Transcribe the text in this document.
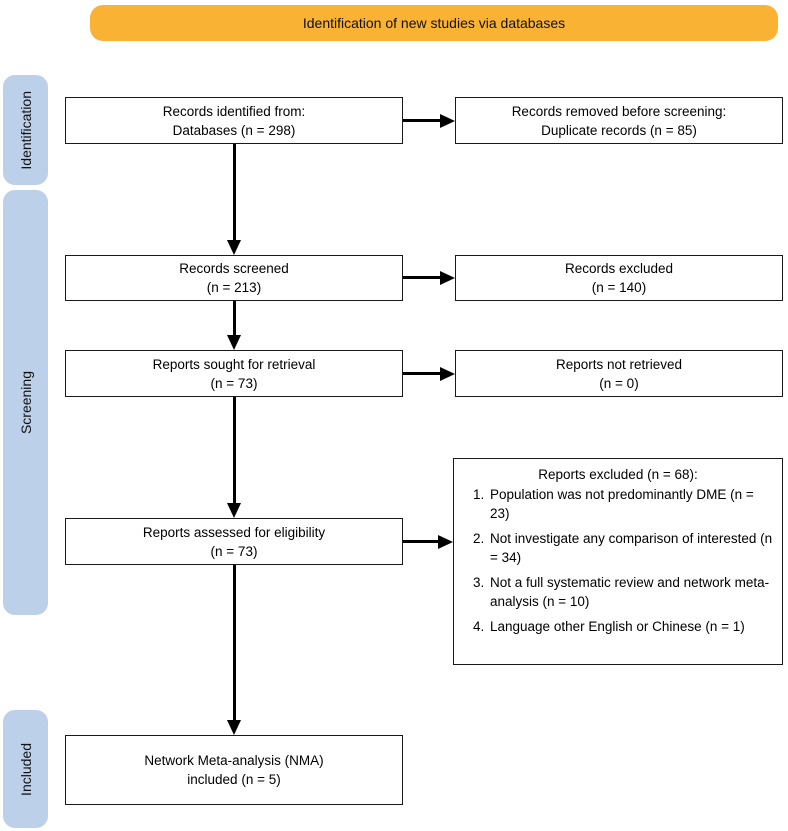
Identification of new studies via databases
Identification
Screening
Included
Records identified from:
Databases (n = 298)
Records removed before screening:
Duplicate records (n = 85)
Records screened
(n = 213)
Records excluded
(n = 140)
Reports sought for retrieval
(n = 73)
Reports not retrieved
(n = 0)
Reports assessed for eligibility
(n = 73)
Reports excluded (n = 68):
1. Population was not predominantly DME (n = 23)
2. Not investigate any comparison of interested (n = 34)
3. Not a full systematic review and network meta-analysis (n = 10)
4. Language other English or Chinese (n = 1)
Network Meta-analysis (NMA)
included (n = 5)
